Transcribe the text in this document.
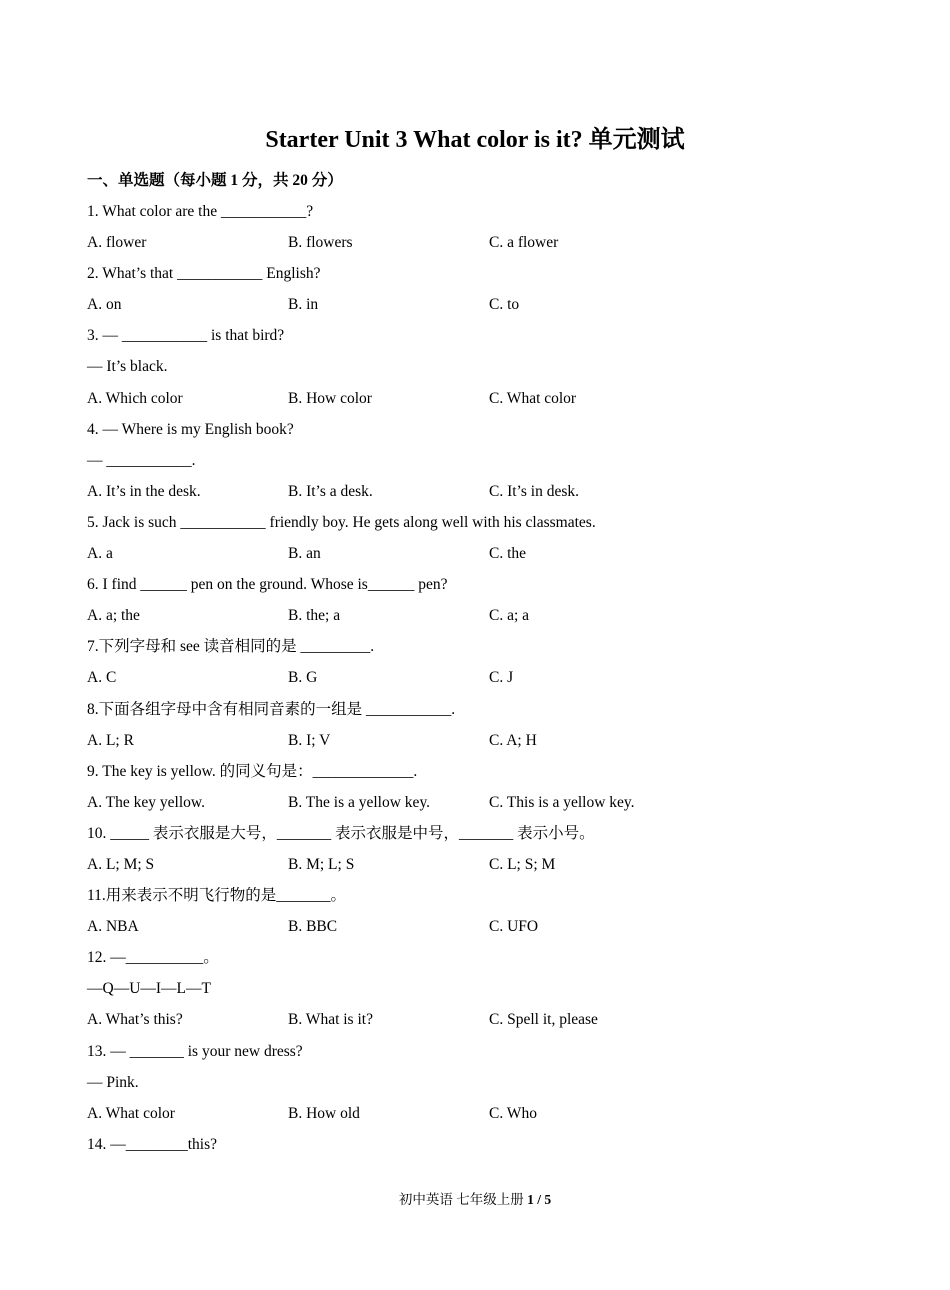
Starter Unit 3 What color is it? 单元测试
一、单选题（每小题 1 分，共 20 分）
1. What color are the ___________?
A. flower	B. flowers	C. a flower
2. What’s that ___________ English?
A. on	B. in	C. to
3. — ___________ is that bird?
— It’s black.
A. Which color	B. How color	C. What color
4. — Where is my English book?
— ___________.
A. It’s in the desk.	B. It’s a desk.	C. It’s in desk.
5. Jack is such ___________ friendly boy. He gets along well with his classmates.
A. a	B. an	C. the
6. I find ______ pen on the ground. Whose is______ pen?
A. a; the	B. the; a	C. a; a
7.下列字母和 see 读音相同的是 _________.
A. C	B. G	C. J
8.下面各组字母中含有相同音素的一组是 ___________.
A. L; R	B. I; V	C. A; H
9. The key is yellow. 的同义句是：_____________.
A. The key yellow.	B. The is a yellow key.	C. This is a yellow key.
10. _____ 表示衣服是大号，_______ 表示衣服是中号，_______ 表示小号。
A. L; M; S	B. M; L; S	C. L; S; M
11.用来表示不明飞行物的是_______。
A. NBA	B. BBC	C. UFO
12. —__________。
—Q—U—I—L—T
A. What’s this?	B. What is it?	C. Spell it, please
13. — _______ is your new dress?
— Pink.
A. What color	B. How old	C. Who
14. —________this?
初中英语 七年级上册 1 / 5
